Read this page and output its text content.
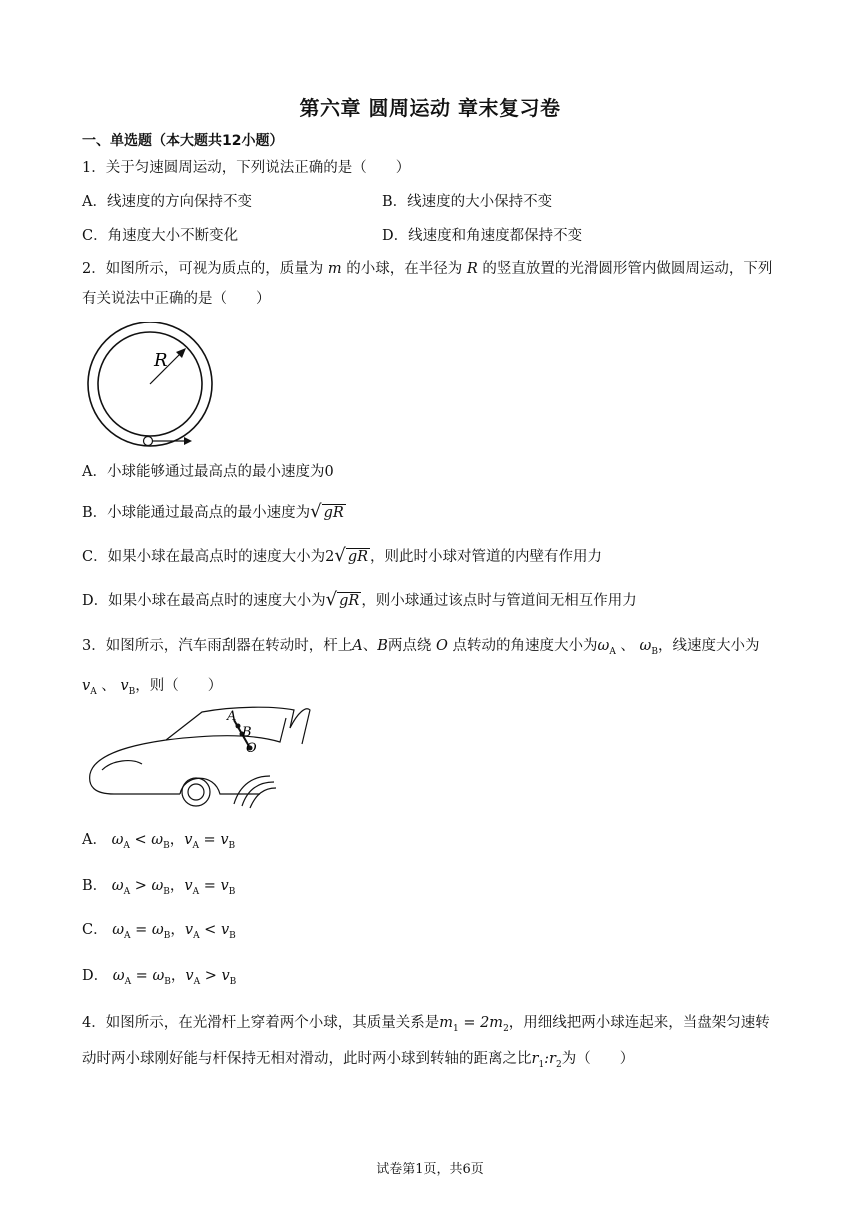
第六章 圆周运动 章末复习卷
一、单选题（本大题共12小题）
1．关于匀速圆周运动，下列说法正确的是（　　）
A．线速度的方向保持不变	B．线速度的大小保持不变
C．角速度大小不断变化	D．线速度和角速度都保持不变
2．如图所示，可视为质点的，质量为 m 的小球，在半径为 R 的竖直放置的光滑圆形管内做圆周运动，下列有关说法中正确的是（　　）
R
A．小球能够通过最高点的最小速度为0
B．小球能通过最高点的最小速度为√ gR
C．如果小球在最高点时的速度大小为2√ gR ，则此时小球对管道的内壁有作用力
D．如果小球在最高点时的速度大小为√ gR ，则小球通过该点时与管道间无相互作用力
3．如图所示，汽车雨刮器在转动时，杆上A、B两点绕 O 点转动的角速度大小为$\omega_A$ 、 $\omega_B$，线速度大小为
$v_A$ 、 $v_B$，则（　　）
A
B
O
A． $\omega_A < \omega_B$，$v_A = v_B$
B． $\omega_A > \omega_B$，$v_A = v_B$
C． $\omega_A = \omega_B$，$v_A < v_B$
D． $\omega_A = \omega_B$，$v_A > v_B$
4．如图所示，在光滑杆上穿着两个小球，其质量关系是$m_1 = 2m_2$，用细线把两小球连起来，当盘架匀速转动时两小球刚好能与杆保持无相对滑动，此时两小球到转轴的距离之比$r_1:r_2$为（　　）
试卷第1页，共6页
